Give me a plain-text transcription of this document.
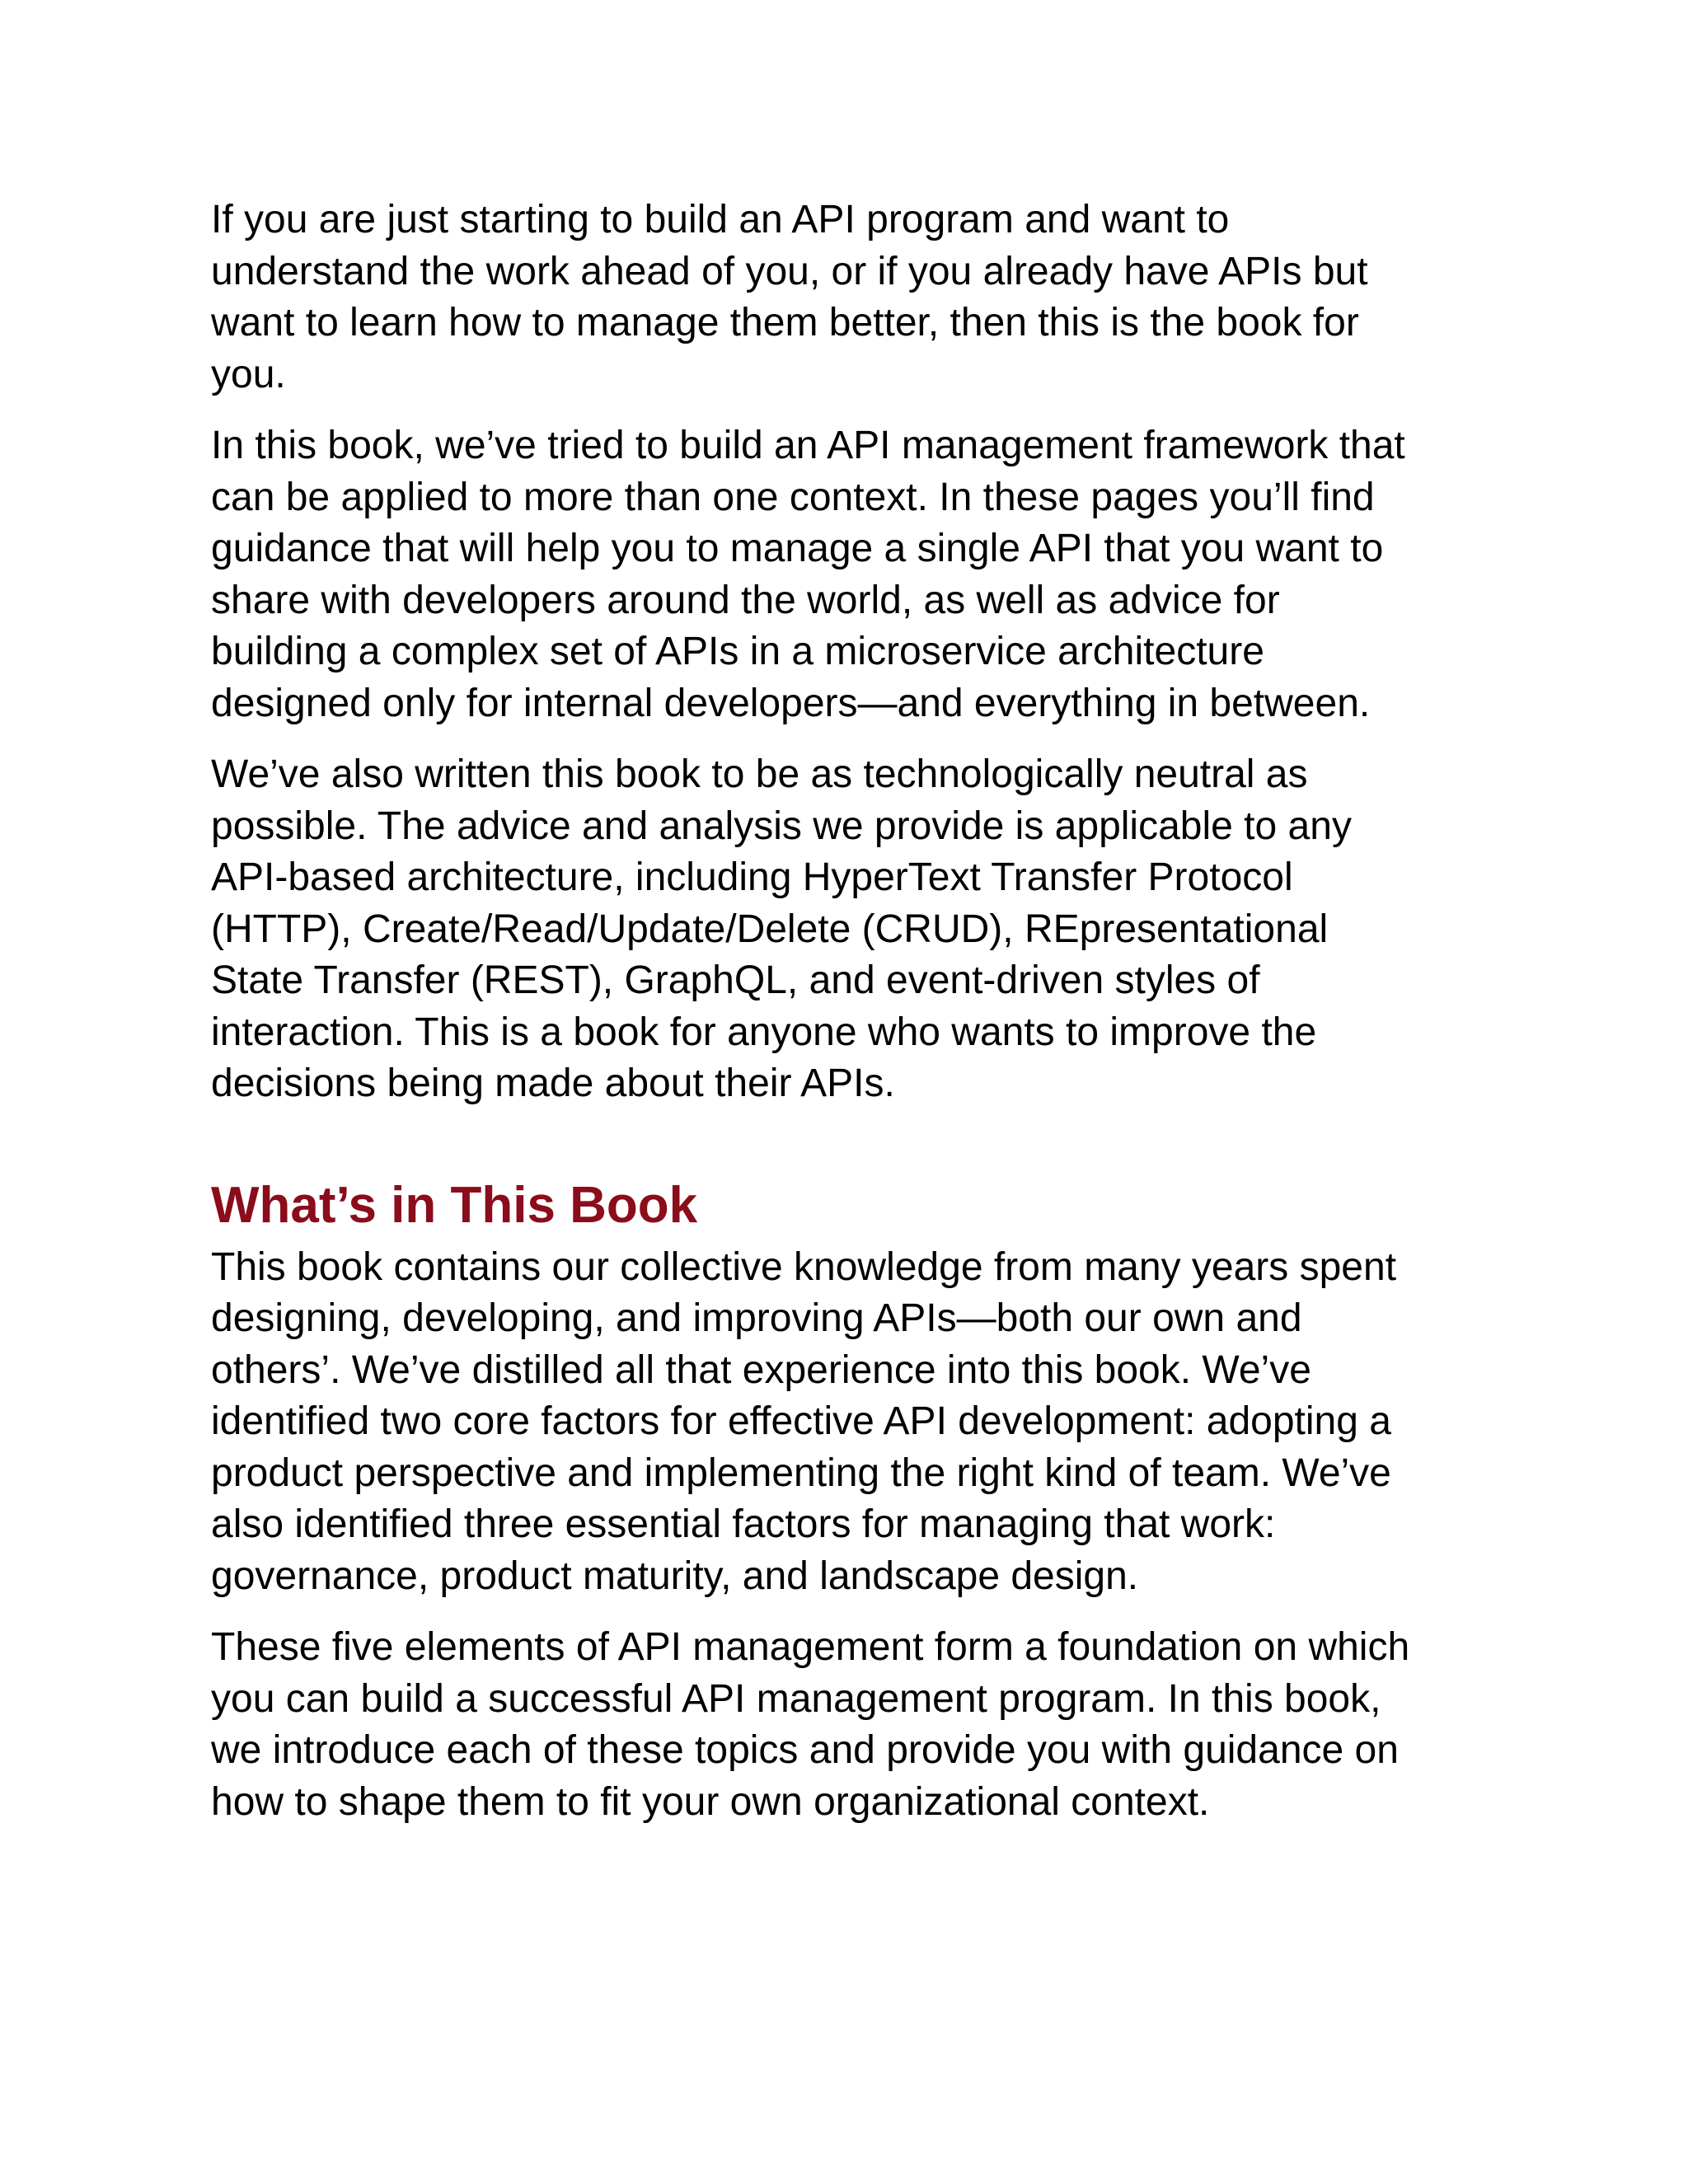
If you are just starting to build an API program and want to
understand the work ahead of you, or if you already have APIs but
want to learn how to manage them better, then this is the book for
you.

In this book, we’ve tried to build an API management framework that
can be applied to more than one context. In these pages you’ll find
guidance that will help you to manage a single API that you want to
share with developers around the world, as well as advice for
building a complex set of APIs in a microservice architecture
designed only for internal developers—and everything in between.

We’ve also written this book to be as technologically neutral as
possible. The advice and analysis we provide is applicable to any
API-based architecture, including HyperText Transfer Protocol
(HTTP), Create/Read/Update/Delete (CRUD), REpresentational
State Transfer (REST), GraphQL, and event-driven styles of
interaction. This is a book for anyone who wants to improve the
decisions being made about their APIs.

What’s in This Book

This book contains our collective knowledge from many years spent
designing, developing, and improving APIs—both our own and
others’. We’ve distilled all that experience into this book. We’ve
identified two core factors for effective API development: adopting a
product perspective and implementing the right kind of team. We’ve
also identified three essential factors for managing that work:
governance, product maturity, and landscape design.

These five elements of API management form a foundation on which
you can build a successful API management program. In this book,
we introduce each of these topics and provide you with guidance on
how to shape them to fit your own organizational context.
